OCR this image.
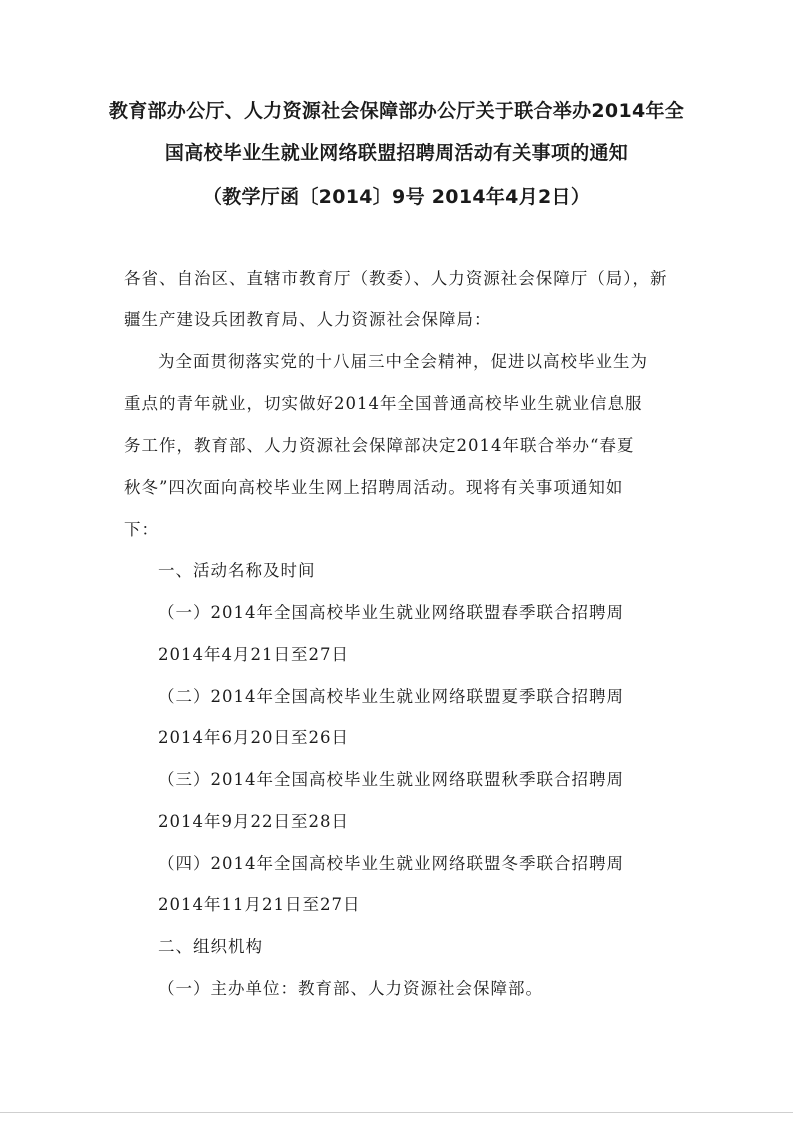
教育部办公厅、人力资源社会保障部办公厅关于联合举办2014年全
国高校毕业生就业网络联盟招聘周活动有关事项的通知
（教学厅函〔2014〕9号 2014年4月2日）
各省、自治区、直辖市教育厅（教委）、人力资源社会保障厅（局），新
疆生产建设兵团教育局、人力资源社会保障局：
为全面贯彻落实党的十八届三中全会精神，促进以高校毕业生为
重点的青年就业，切实做好2014年全国普通高校毕业生就业信息服
务工作，教育部、人力资源社会保障部决定2014年联合举办“春夏
秋冬”四次面向高校毕业生网上招聘周活动。现将有关事项通知如
下：
一、活动名称及时间
（一）2014年全国高校毕业生就业网络联盟春季联合招聘周
2014年4月21日至27日
（二）2014年全国高校毕业生就业网络联盟夏季联合招聘周
2014年6月20日至26日
（三）2014年全国高校毕业生就业网络联盟秋季联合招聘周
2014年9月22日至28日
（四）2014年全国高校毕业生就业网络联盟冬季联合招聘周
2014年11月21日至27日
二、组织机构
（一）主办单位：教育部、人力资源社会保障部。
